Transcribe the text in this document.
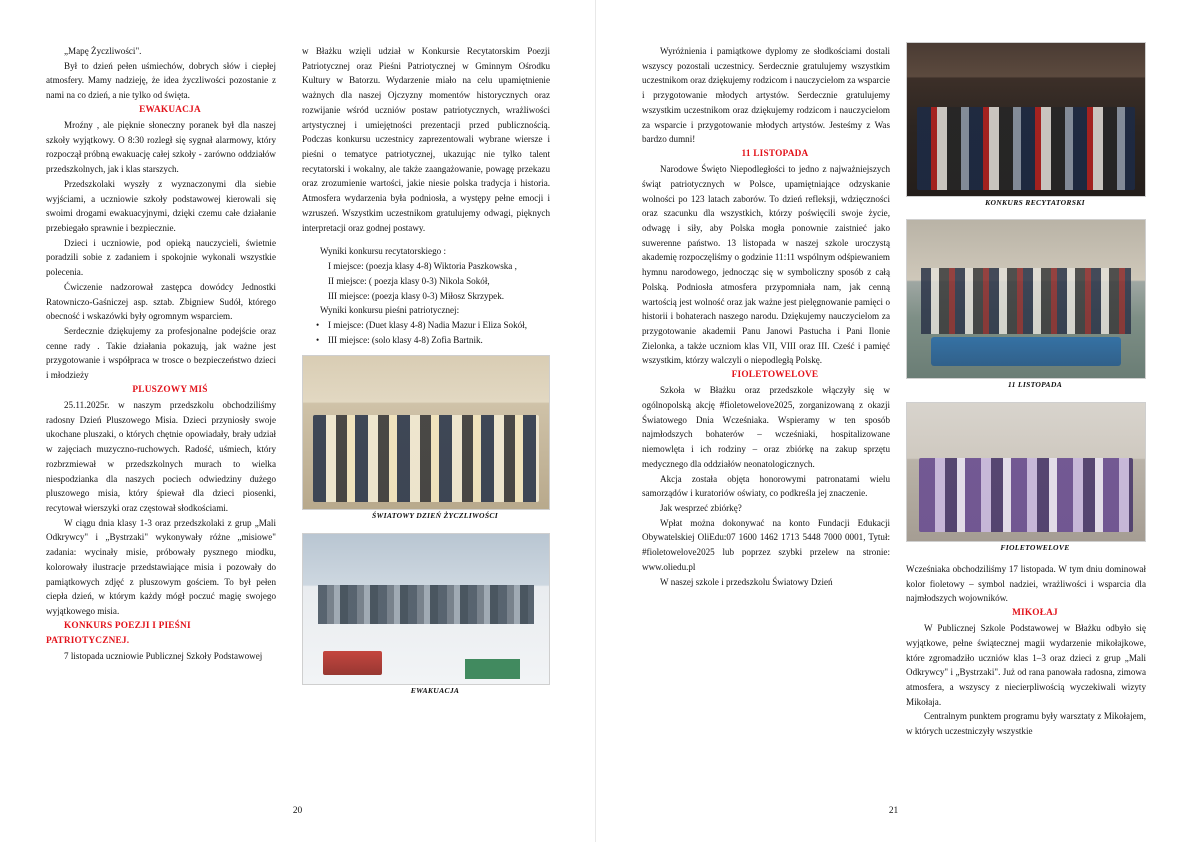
„Mapę Życzliwości".

Był to dzień pełen uśmiechów, dobrych słów i ciepłej atmosfery. Mamy nadzieję, że idea życzliwości pozostanie z nami na co dzień, a nie tylko od święta.

EWAKUACJA

Mroźny , ale pięknie słoneczny poranek był dla naszej szkoły wyjątkowy. O 8:30 rozległ się sygnał alarmowy, który rozpoczął próbną ewakuację całej szkoły - zarówno oddziałów przedszkolnych, jak i klas starszych.

Przedszkolaki wyszły z wyznaczonymi dla siebie wyjściami, a uczniowie szkoły podstawowej kierowali się swoimi drogami ewakuacyjnymi, dzięki czemu całe działanie przebiegało sprawnie i bezpiecznie.

Dzieci i uczniowie, pod opieką nauczycieli, świetnie poradzili sobie z zadaniem i spokojnie wykonali wszystkie polecenia.

Ćwiczenie nadzorował zastępca dowódcy Jednostki Ratowniczo-Gaśniczej asp. sztab. Zbigniew Sudół, którego obecność i wskazówki były ogromnym wsparciem.

Serdecznie dziękujemy za profesjonalne podejście oraz cenne rady . Takie działania pokazują, jak ważne jest przygotowanie i współpraca w trosce o bezpieczeństwo dzieci i młodzieży

PLUSZOWY MIŚ

25.11.2025r. w naszym przedszkolu obchodziliśmy radosny Dzień Pluszowego Misia. Dzieci przyniosły swoje ukochane pluszaki, o których chętnie opowiadały, brały udział w zajęciach muzyczno-ruchowych. Radość, uśmiech, który rozbrzmiewał w przedszkolnych murach to wielka niespodzianka dla naszych pociech odwiedziny dużego pluszowego misia, który śpiewał dla dzieci piosenki, recytował wierszyki oraz częstował słodkościami.

W ciągu dnia klasy 1-3 oraz przedszkolaki z grup „Mali Odkrywcy" i „Bystrzaki" wykonywały różne „misiowe" zadania: wycinały misie, próbowały pysznego miodku, kolorowały ilustracje przedstawiające misia i pozowały do pamiątkowych zdjęć z pluszowym gościem. To był pełen ciepła dzień, w którym każdy mógł poczuć magię swojego wyjątkowego misia.

KONKURS POEZJI I PIEŚNI PATRIOTYCZNEJ.

7 listopada uczniowie Publicznej Szkoły Podstawowej

w Błażku wzięli udział w Konkursie Recytatorskim Poezji Patriotycznej oraz Pieśni Patriotycznej w Gminnym Ośrodku Kultury w Batorzu. Wydarzenie miało na celu upamiętnienie ważnych dla naszej Ojczyzny momentów historycznych oraz rozwijanie wśród uczniów postaw patriotycznych, wrażliwości artystycznej i umiejętności prezentacji przed publicznością. Podczas konkursu uczestnicy zaprezentowali wybrane wiersze i pieśni o tematyce patriotycznej, ukazując nie tylko talent recytatorski i wokalny, ale także zaangażowanie, powagę przekazu oraz zrozumienie wartości, jakie niesie polska tradycja i historia. Atmosfera wydarzenia była podniosła, a występy pełne emocji i wzruszeń. Wszystkim uczestnikom gratulujemy odwagi, pięknych interpretacji oraz godnej postawy.

Wyniki konkursu recytatorskiego :

I miejsce: (poezja klasy 4-8) Wiktoria Paszkowska ,
II miejsce: ( poezja klasy 0-3) Nikola Sokół,
III miejsce: (poezja klasy 0-3) Miłosz Skrzypek.

Wyniki konkursu pieśni patriotycznej:

• I miejsce: (Duet klasy 4-8) Nadia Mazur i Eliza Sokół,
• III miejsce: (solo klasy 4-8) Zofia Bartnik.

ŚWIATOWY DZIEŃ ŻYCZLIWOŚCI

EWAKUACJA

20

Wyróżnienia i pamiątkowe dyplomy ze słodkościami dostali wszyscy pozostali uczestnicy. Serdecznie gratulujemy wszystkim uczestnikom oraz dziękujemy rodzicom i nauczycielom za wsparcie i przygotowanie młodych artystów. Serdecznie gratulujemy wszystkim uczestnikom oraz dziękujemy rodzicom i nauczycielom za wsparcie i przygotowanie młodych artystów. Jesteśmy z Was bardzo dumni!

11 LISTOPADA

Narodowe Święto Niepodległości to jedno z najważniejszych świąt patriotycznych w Polsce, upamiętniające odzyskanie wolności po 123 latach zaborów. To dzień refleksji, wdzięczności oraz szacunku dla wszystkich, którzy poświęcili swoje życie, odwagę i siły, aby Polska mogła ponownie zaistnieć jako suwerenne państwo. 13 listopada w naszej szkole uroczystą akademię rozpoczęliśmy o godzinie 11:11 wspólnym odśpiewaniem hymnu narodowego, jednocząc się w symboliczny sposób z całą Polską. Podniosła atmosfera przypomniała nam, jak cenną wartością jest wolność oraz jak ważne jest pielęgnowanie pamięci o historii i bohaterach naszego narodu. Dziękujemy nauczycielom za przygotowanie akademii Panu Janowi Pastucha i Pani Ilonie Zielonka, a także uczniom klas VII, VIII oraz III. Cześć i pamięć wszystkim, którzy walczyli o niepodległą Polskę.

FIOLETOWELOVE

Szkoła w Błażku oraz przedszkole włączyły się w ogólnopolską akcję #fioletowelove2025, zorganizowaną z okazji Światowego Dnia Wcześniaka. Wspieramy w ten sposób najmłodszych bohaterów – wcześniaki, hospitalizowane niemowlęta i ich rodziny – oraz zbiórkę na zakup sprzętu medycznego dla oddziałów neonatologicznych.

Akcja została objęta honorowymi patronatami wielu samorządów i kuratoriów oświaty, co podkreśla jej znaczenie.

Jak wesprzeć zbiórkę?

Wpłat można dokonywać na konto Fundacji Edukacji Obywatelskiej OliEdu:07 1600 1462 1713 5448 7000 0001, Tytuł: #fioletowelove2025 lub poprzez szybki przelew na stronie: www.oliedu.pl

W naszej szkole i przedszkolu Światowy Dzień

KONKURS RECYTATORSKI

11 LISTOPADA

FIOLETOWELOVE

Wcześniaka obchodziliśmy 17 listopada. W tym dniu dominował kolor fioletowy – symbol nadziei, wrażliwości i wsparcia dla najmłodszych wojowników.

MIKOŁAJ

W Publicznej Szkole Podstawowej w Błażku odbyło się wyjątkowe, pełne świątecznej magii wydarzenie mikołajkowe, które zgromadziło uczniów klas 1–3 oraz dzieci z grup „Mali Odkrywcy" i „Bystrzaki". Już od rana panowała radosna, zimowa atmosfera, a wszyscy z niecierpliwością wyczekiwali wizyty Mikołaja.

Centralnym punktem programu były warsztaty z Mikołajem, w których uczestniczyły wszystkie

21
